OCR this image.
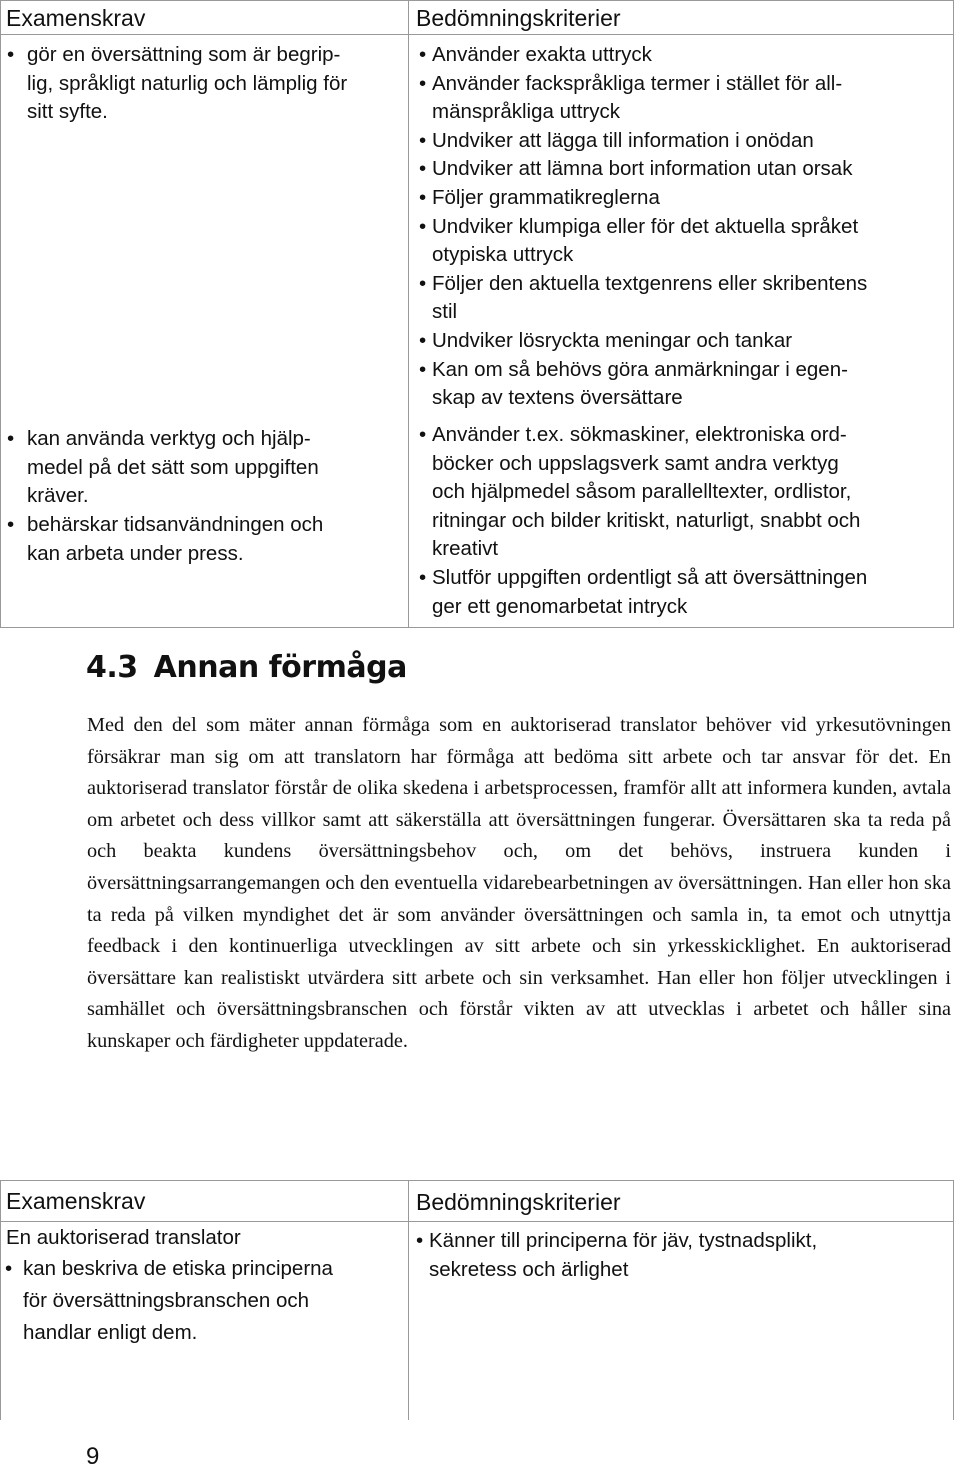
Examenskrav	Bedömningskriterier
• gör en översättning som är begrip-
lig, språkligt naturlig och lämplig för
sitt syfte.
• kan använda verktyg och hjälp-
medel på det sätt som uppgiften
kräver.
• behärskar tidsanvändningen och
kan arbeta under press.
• Använder exakta uttryck
• Använder fackspråkliga termer i stället för all-
mänspråkliga uttryck
• Undviker att lägga till information i onödan
• Undviker att lämna bort information utan orsak
• Följer grammatikreglerna
• Undviker klumpiga eller för det aktuella språket
otypiska uttryck
• Följer den aktuella textgenrens eller skribentens
stil
• Undviker lösryckta meningar och tankar
• Kan om så behövs göra anmärkningar i egen-
skap av textens översättare
• Använder t.ex. sökmaskiner, elektroniska ord-
böcker och uppslagsverk samt andra verktyg
och hjälpmedel såsom parallelltexter, ordlistor,
ritningar och bilder kritiskt, naturligt, snabbt och
kreativt
• Slutför uppgiften ordentligt så att översättningen
ger ett genomarbetat intryck
4.3 Annan förmåga
Med den del som mäter annan förmåga som en auktoriserad translator behöver vid yrkesutövningen försäkrar man sig om att translatorn har förmåga att bedöma sitt arbete och tar ansvar för det. En auktoriserad translator förstår de olika skedena i arbetsprocessen, framför allt att informera kunden, avtala om arbetet och dess villkor samt att säkerställa att översättningen fungerar. Översättaren ska ta reda på och beakta kundens översättningsbehov och, om det behövs, instruera kunden i översättningsarrangemangen och den eventuella vidarebearbetningen av översättningen. Han eller hon ska ta reda på vilken myndighet det är som använder översättningen och samla in, ta emot och utnyttja feedback i den kontinuerliga utvecklingen av sitt arbete och sin yrkesskicklighet. En auktoriserad översättare kan realistiskt utvärdera sitt arbete och sin verksamhet. Han eller hon följer utvecklingen i samhället och översättningsbranschen och förstår vikten av att utvecklas i arbetet och håller sina kunskaper och färdigheter uppdaterade.
Examenskrav	Bedömningskriterier
En auktoriserad translator
• kan beskriva de etiska principerna
för översättningsbranschen och
handlar enligt dem.
• Känner till principerna för jäv, tystnadsplikt,
sekretess och ärlighet
9
